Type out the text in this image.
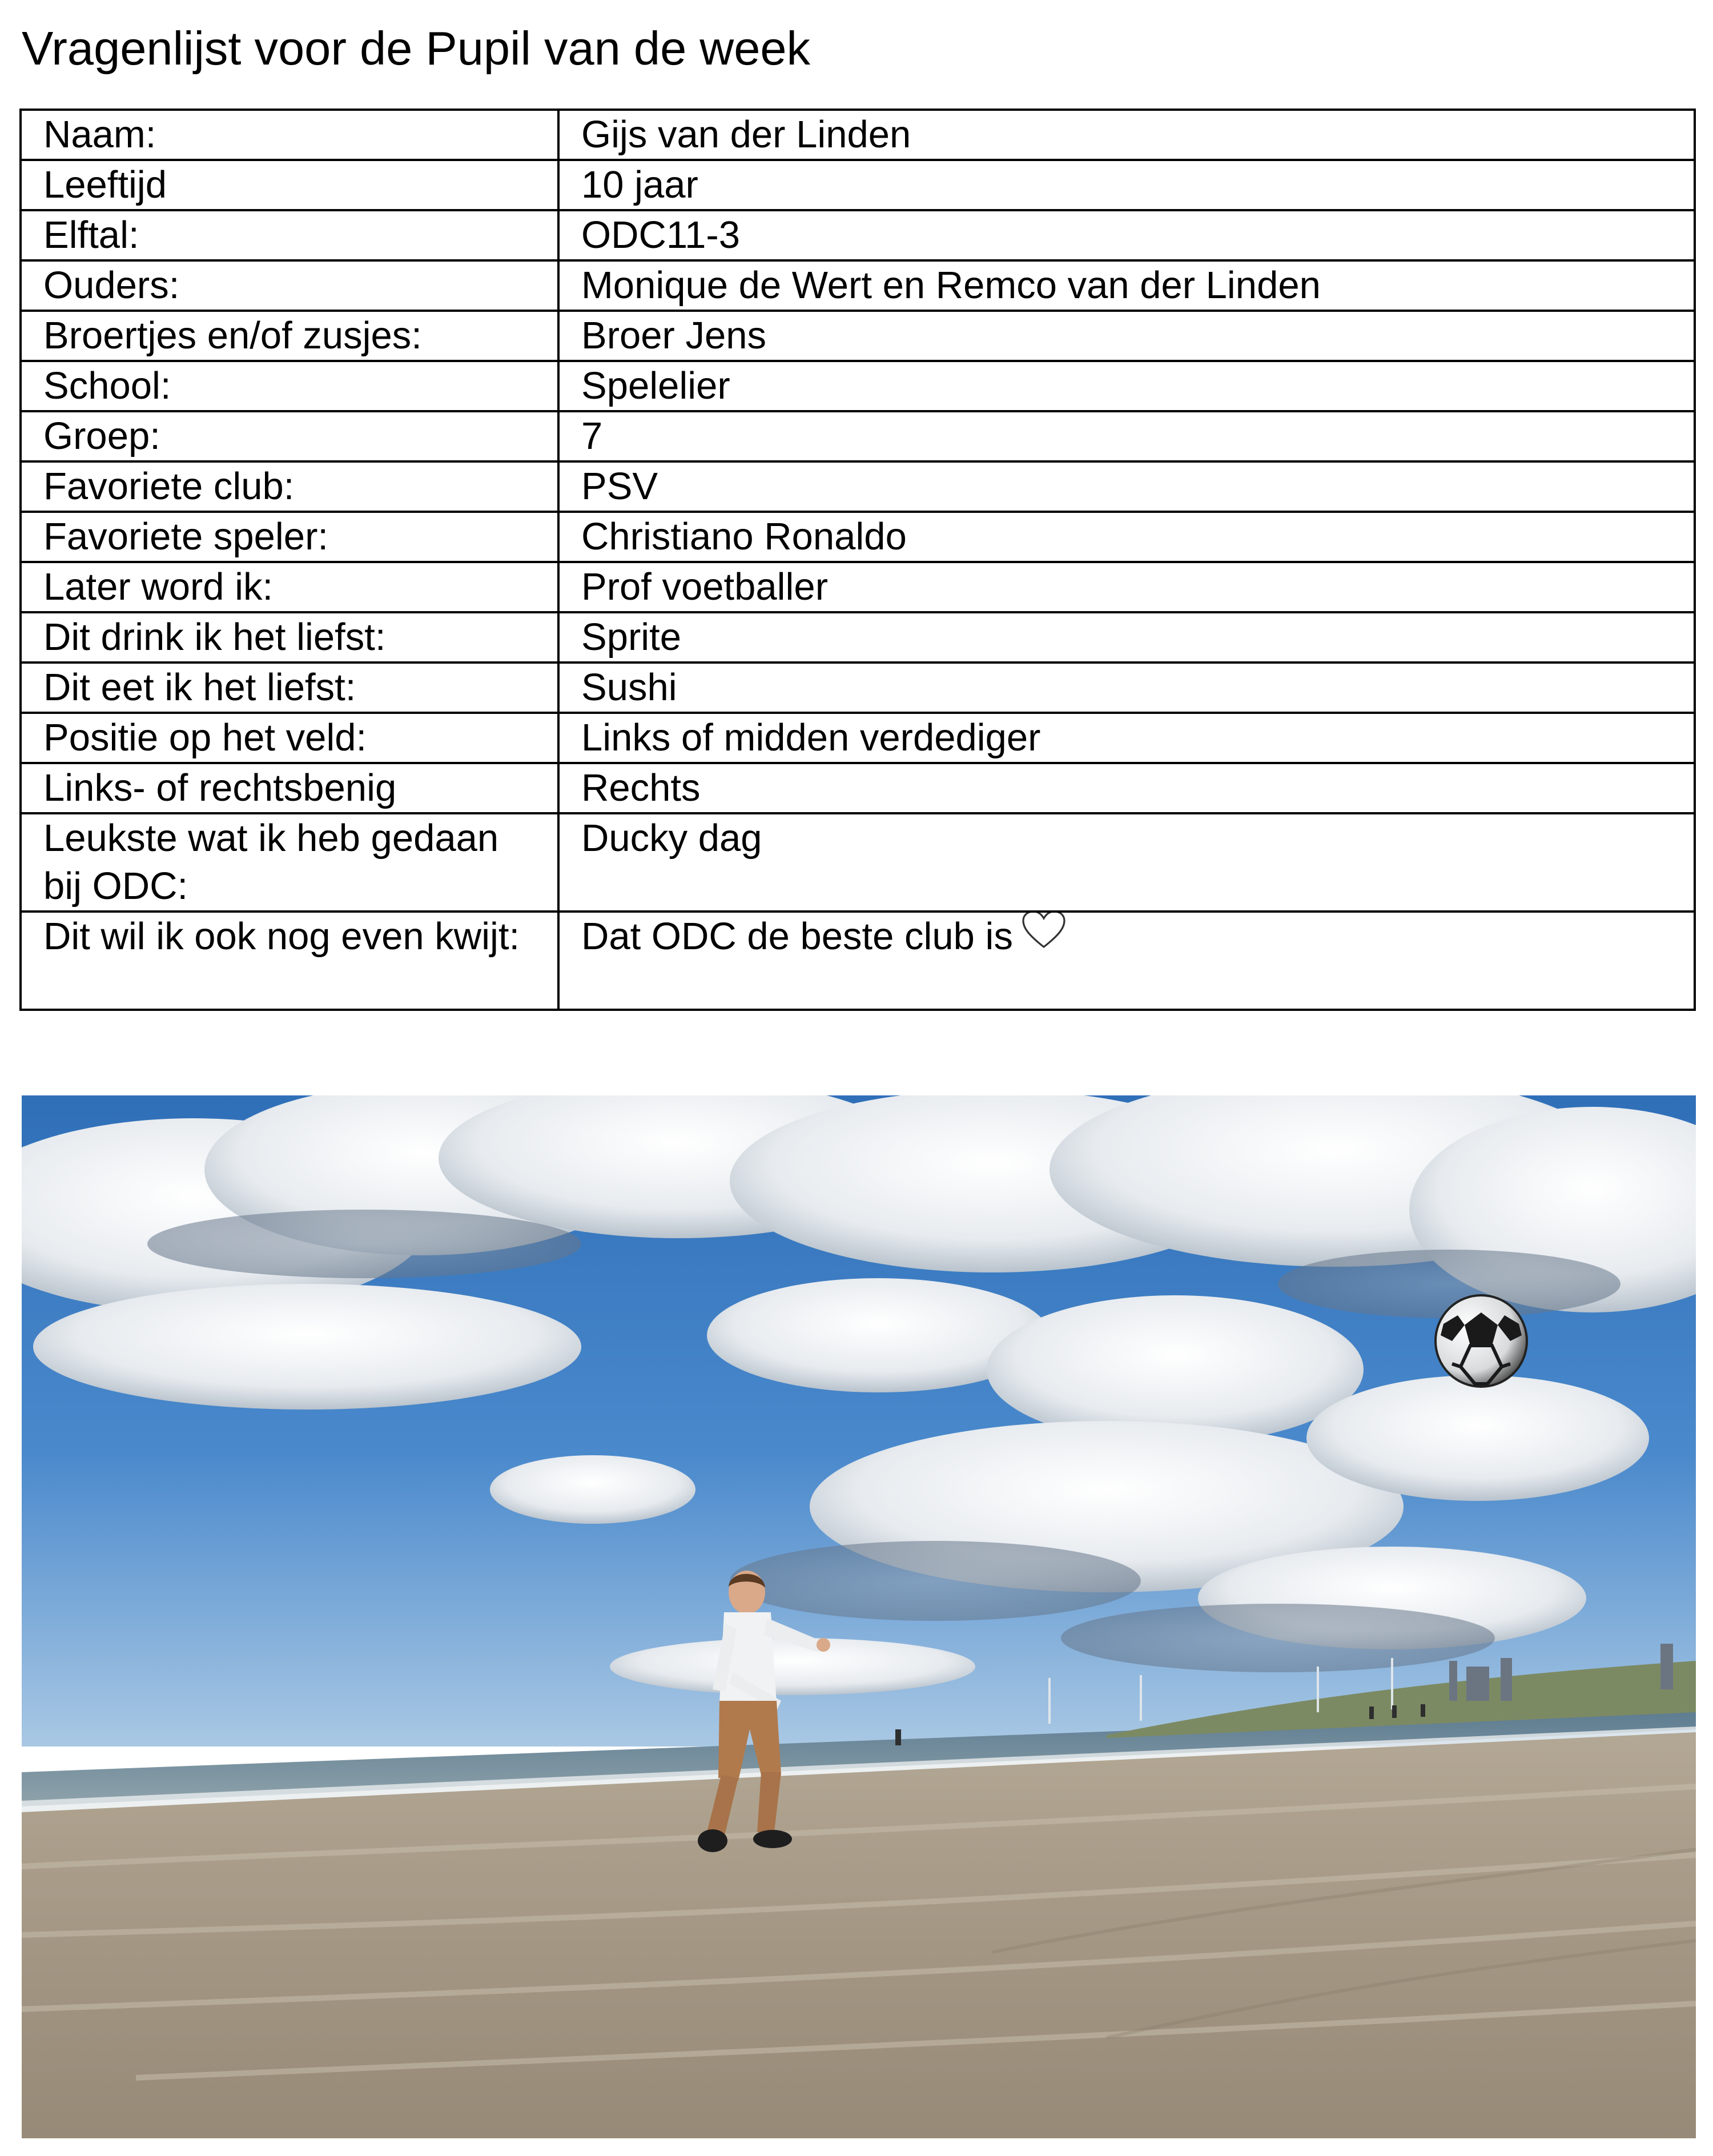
Vragenlijst voor de Pupil van de week
Naam:	Gijs van der Linden
Leeftijd	10 jaar
Elftal:	ODC11-3
Ouders:	Monique de Wert en Remco van der Linden
Broertjes en/of zusjes:	Broer Jens
School:	Spelelier
Groep:	7
Favoriete club:	PSV
Favoriete speler:	Christiano Ronaldo
Later word ik:	Prof voetballer
Dit drink ik het liefst:	Sprite
Dit eet ik het liefst:	Sushi
Positie op het veld:	Links of midden verdediger
Links- of rechtsbenig	Rechts
Leukste wat ik heb gedaan bij ODC:	Ducky dag
Dit wil ik ook nog even kwijt:	Dat ODC de beste club is
